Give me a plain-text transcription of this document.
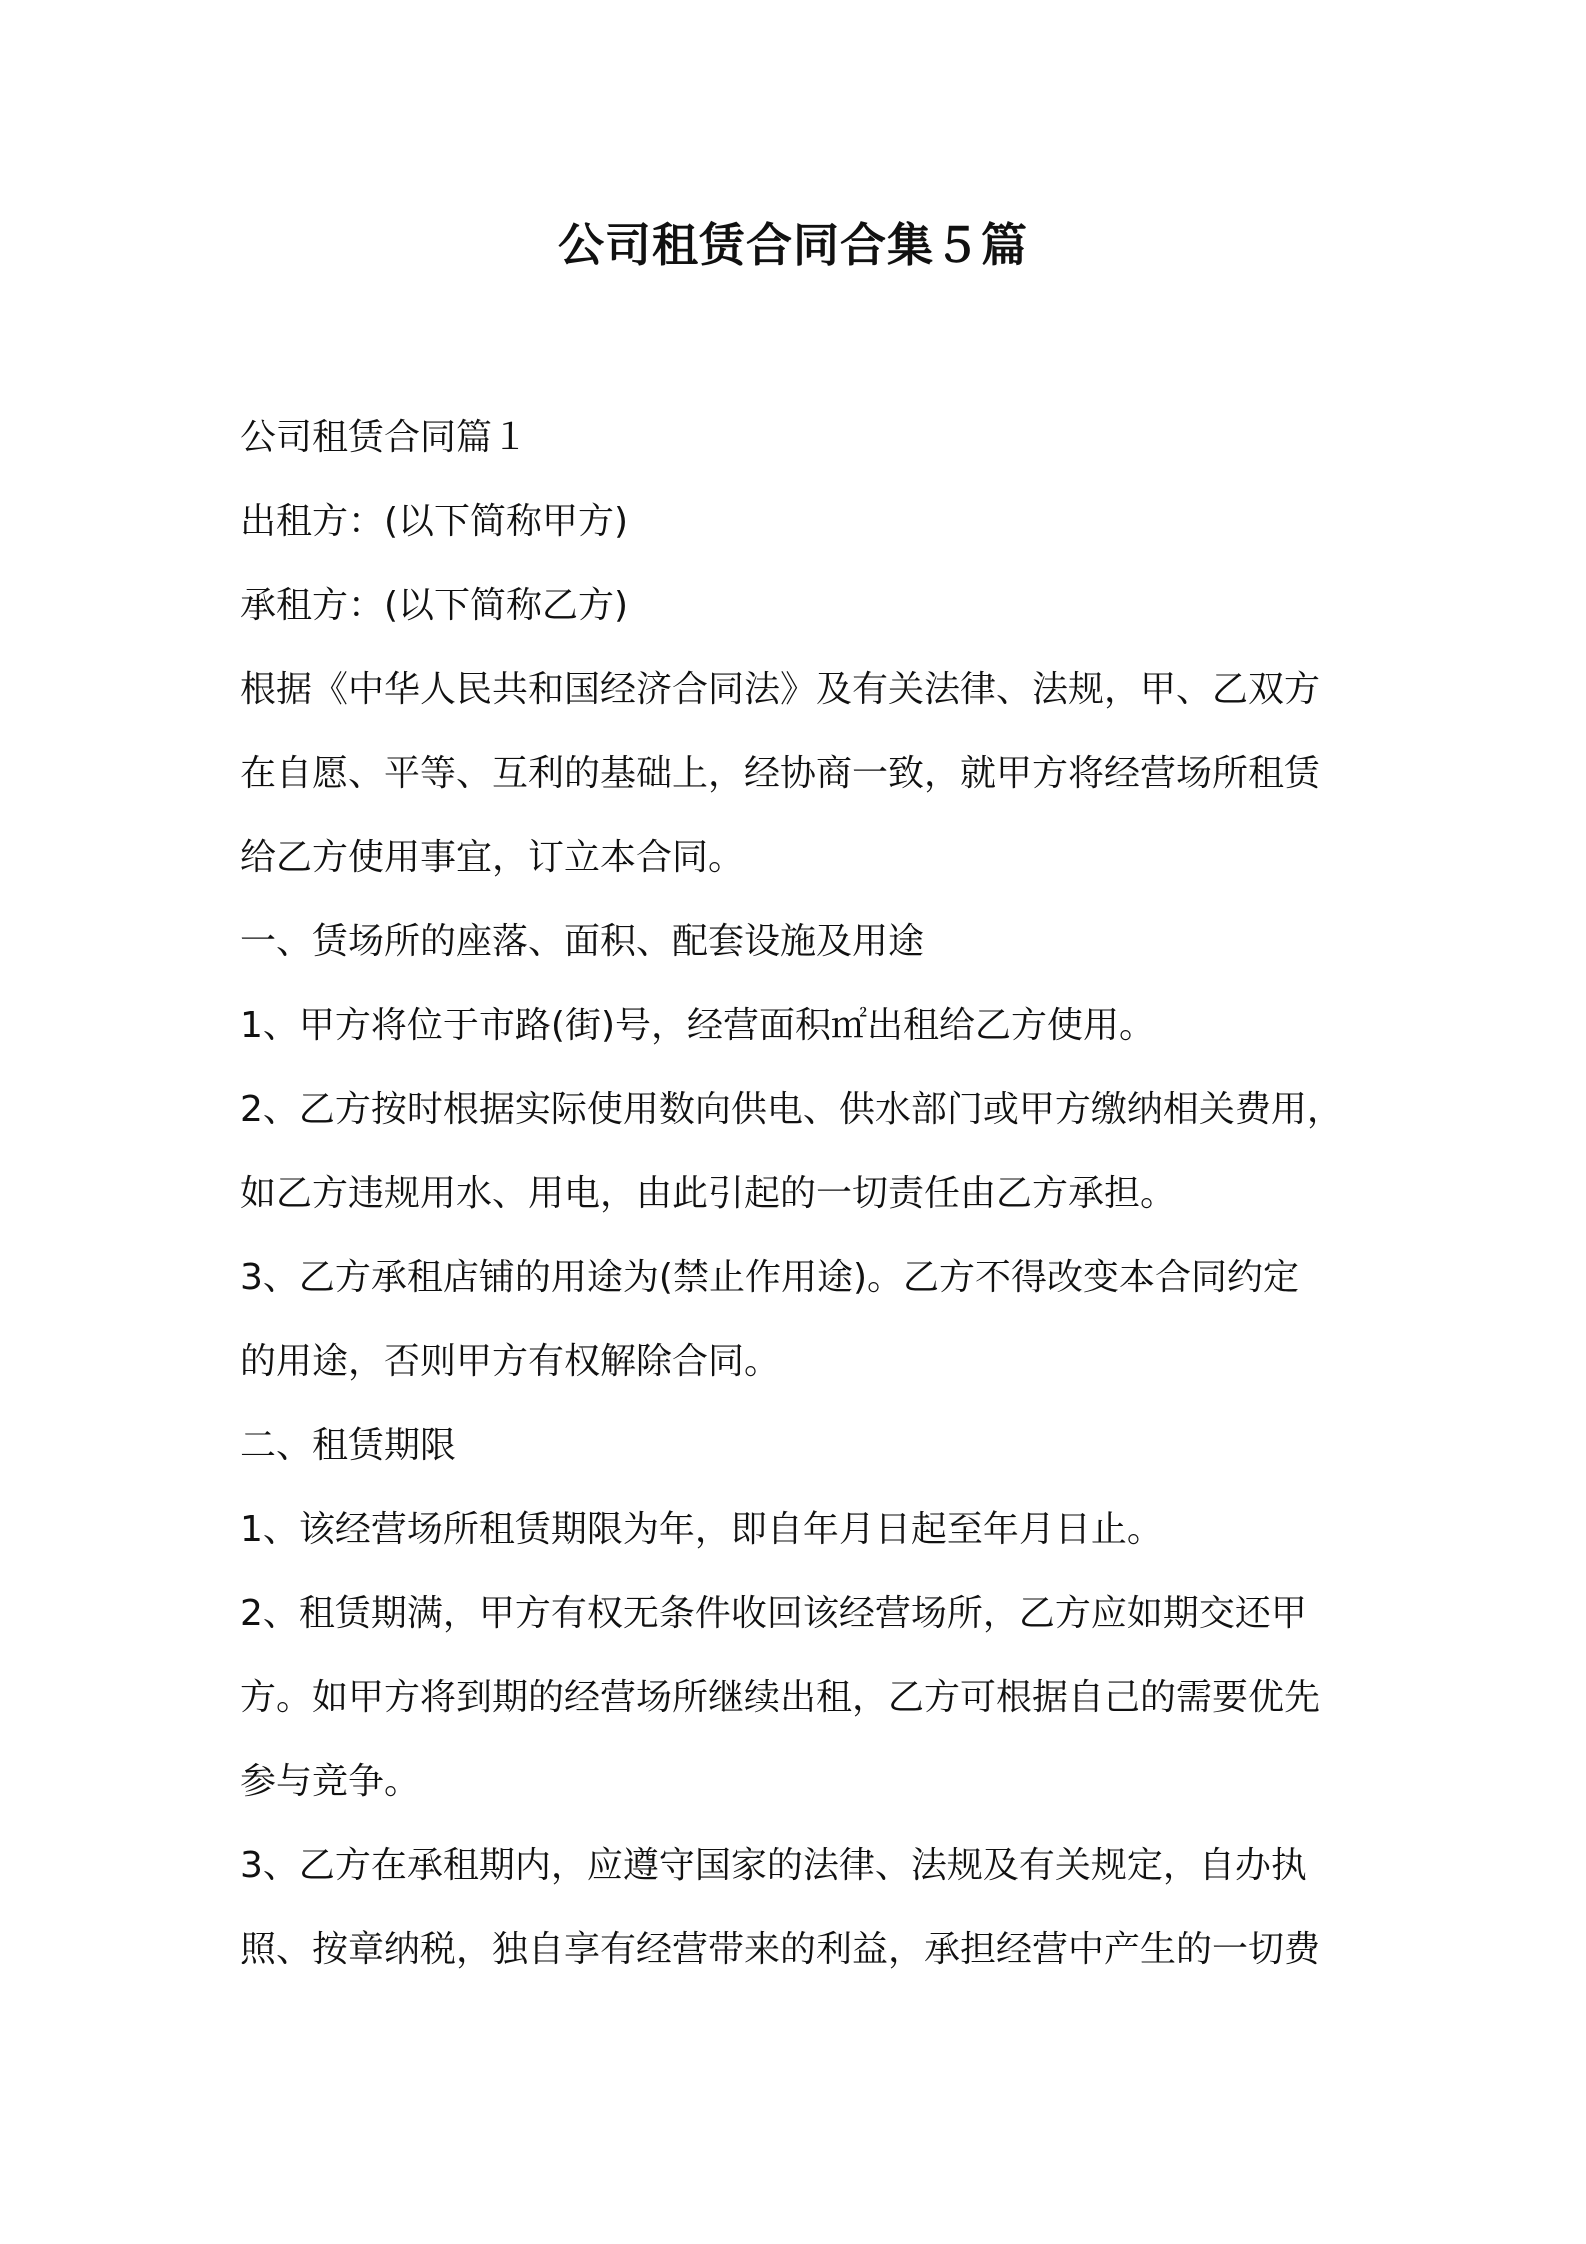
公司租赁合同合集５篇

公司租赁合同篇１

出租方：(以下简称甲方)

承租方：(以下简称乙方)

根据《中华人民共和国经济合同法》及有关法律、法规，甲、乙双方

在自愿、平等、互利的基础上，经协商一致，就甲方将经营场所租赁

给乙方使用事宜，订立本合同。

一、赁场所的座落、面积、配套设施及用途

1、甲方将位于市路(街)号，经营面积㎡出租给乙方使用。

2、乙方按时根据实际使用数向供电、供水部门或甲方缴纳相关费用，

如乙方违规用水、用电，由此引起的一切责任由乙方承担。

3、乙方承租店铺的用途为(禁止作用途)。乙方不得改变本合同约定

的用途，否则甲方有权解除合同。

二、租赁期限

1、该经营场所租赁期限为年，即自年月日起至年月日止。

2、租赁期满，甲方有权无条件收回该经营场所，乙方应如期交还甲

方。如甲方将到期的经营场所继续出租，乙方可根据自己的需要优先

参与竞争。

3、乙方在承租期内，应遵守国家的法律、法规及有关规定，自办执

照、按章纳税，独自享有经营带来的利益，承担经营中产生的一切费
